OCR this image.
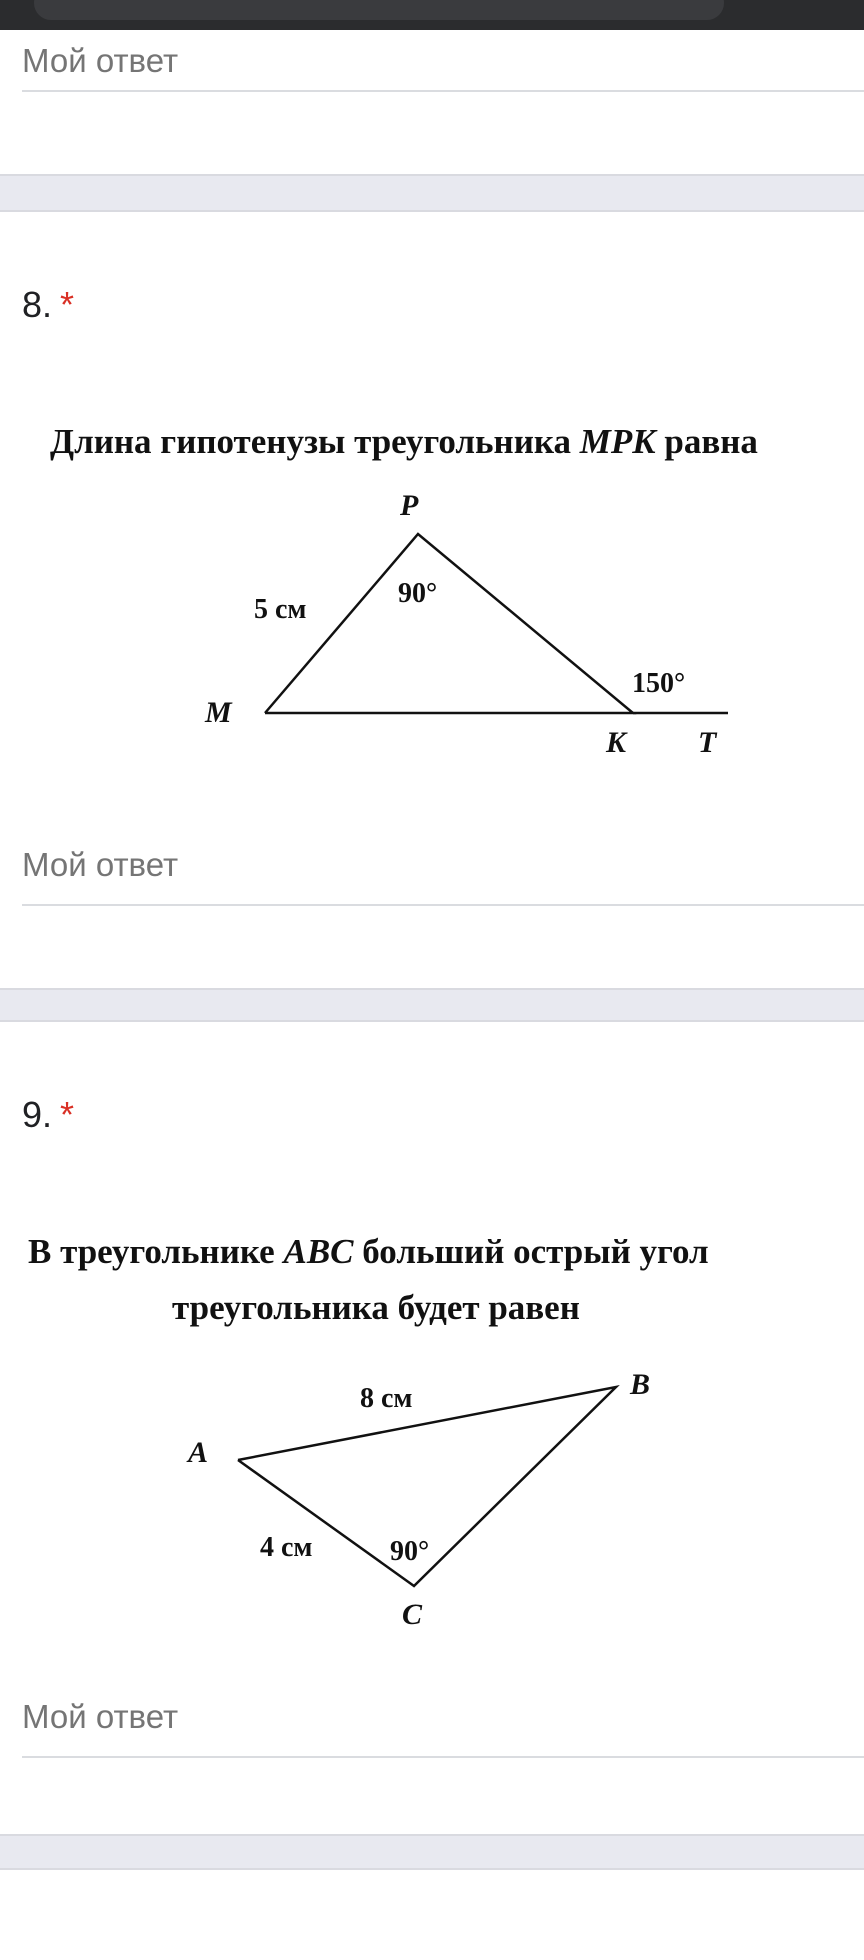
Мой ответ
8. *
Длина гипотенузы треугольника MPK равна
Мой ответ
9. *
В треугольнике ABC больший острый угол
треугольника будет равен
Мой ответ
P
M
K T
5 см
90°
150°
A
B
C
8 см
4 см	90°
